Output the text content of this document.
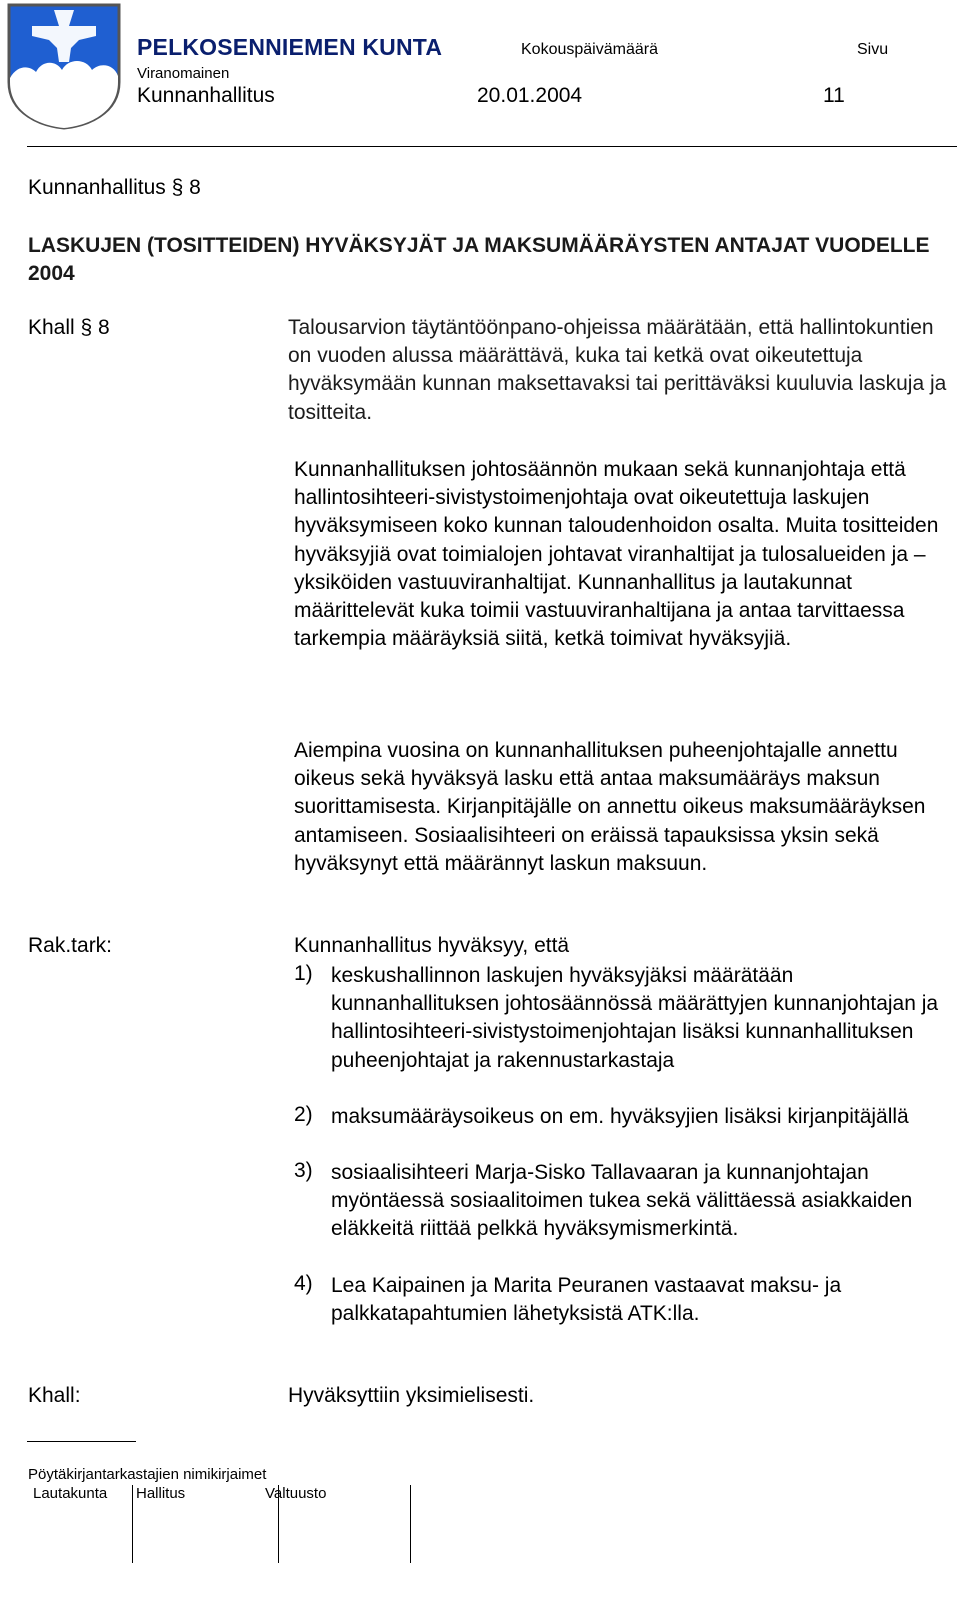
PELKOSENNIEMEN KUNTA
Viranomainen
Kunnanhallitus
Kokouspäivämäärä
20.01.2004
Sivu
11
Kunnanhallitus § 8
LASKUJEN (TOSITTEIDEN) HYVÄKSYJÄT JA MAKSUMÄÄRÄYSTEN ANTAJAT VUODELLE 2004
Khall § 8	Talousarvion täytäntöönpano-ohjeissa määrätään, että hallintokuntien on vuoden alussa määrättävä, kuka tai ketkä ovat oikeutettuja hyväksymään kunnan maksettavaksi tai perittäväksi kuuluvia laskuja ja tositteita.
Kunnanhallituksen johtosäännön mukaan sekä kunnanjohtaja että hallintosihteeri-sivistystoimenjohtaja ovat oikeutettuja laskujen hyväksymiseen koko kunnan taloudenhoidon osalta. Muita tositteiden hyväksyjiä ovat toimialojen johtavat viranhaltijat ja tulosalueiden ja – yksiköiden vastuuviranhaltijat. Kunnanhallitus ja lautakunnat määrittelevät kuka toimii vastuuviranhaltijana ja antaa tarvittaessa tarkempia määräyksiä siitä, ketkä toimivat hyväksyjiä.
Aiempina vuosina on kunnanhallituksen puheenjohtajalle annettu oikeus sekä hyväksyä lasku että antaa maksumääräys maksun suorittamisesta. Kirjanpitäjälle on annettu oikeus maksumääräyksen antamiseen. Sosiaalisihteeri on eräissä tapauksissa yksin sekä hyväksynyt että määrännyt laskun maksuun.
Rak.tark:	Kunnanhallitus hyväksyy, että
1) keskushallinnon laskujen hyväksyjäksi määrätään kunnanhallituksen johtosäännössä määrättyjen kunnanjohtajan ja hallintosihteeri-sivistystoimenjohtajan lisäksi kunnanhallituksen puheenjohtajat ja rakennustarkastaja
2) maksumääräysoikeus on em. hyväksyjien lisäksi kirjanpitäjällä
3) sosiaalisihteeri Marja-Sisko Tallavaaran ja kunnanjohtajan myöntäessä sosiaalitoimen tukea sekä välittäessä asiakkaiden eläkkeitä riittää pelkkä hyväksymismerkintä.
4) Lea Kaipainen ja Marita Peuranen vastaavat maksu- ja palkkatapahtumien lähetyksistä ATK:lla.
Khall:	Hyväksyttiin yksimielisesti.
Pöytäkirjantarkastajien nimikirjaimet
Lautakunta Hallitus	Valtuusto
